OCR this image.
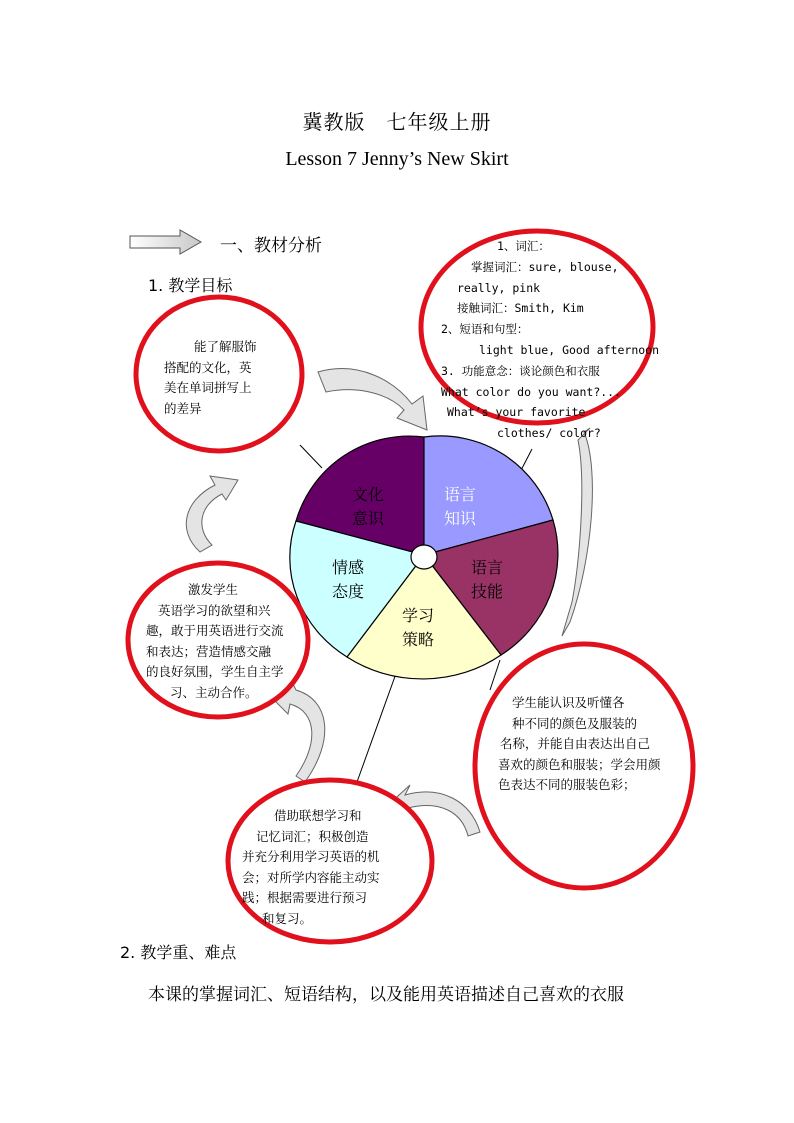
冀教版　七年级上册
Lesson 7 Jenny’s New Skirt
一、教材分析
1. 教学目标
文化
意识
语言
知识
语言
技能
学习
策略
情感
态度
能了解服饰
搭配的文化，英
美在单词拼写上
的差异
1、词汇：
掌握词汇：sure, blouse,
really, pink
接触词汇：Smith, Kim
2、短语和句型：
light blue, Good afternoon
3. 功能意念：谈论颜色和衣服
What color do you want?...
What’s your favorite
clothes/ color?
激发学生
英语学习的欲望和兴
趣，敢于用英语进行交流
和表达；营造情感交融
的良好氛围，学生自主学
习、主动合作。
学生能认识及听懂各
种不同的颜色及服装的
名称，并能自由表达出自己
喜欢的颜色和服装；学会用颜
色表达不同的服装色彩；
借助联想学习和
记忆词汇；积极创造
并充分利用学习英语的机
会；对所学内容能主动实
践；根据需要进行预习
和复习。
2. 教学重、难点
本课的掌握词汇、短语结构，以及能用英语描述自己喜欢的衣服
